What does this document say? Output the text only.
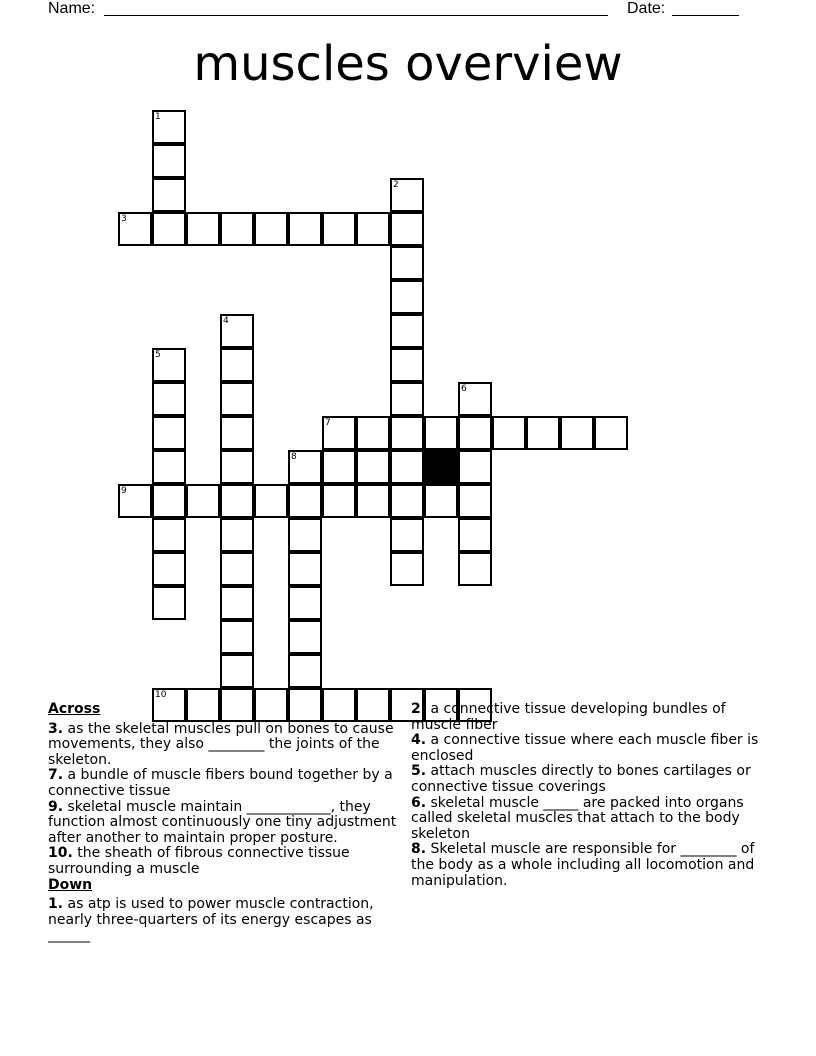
Name:	Date:
muscles overview
1
3
2
4
5
6
7
8
9
10
Across
3. as the skeletal muscles pull on bones to cause movements, they also ________ the joints of the skeleton.
7. a bundle of muscle fibers bound together by a connective tissue
9. skeletal muscle maintain ____________, they function almost continuously one tiny adjustment after another to maintain proper posture.
10. the sheath of fibrous connective tissue surrounding a muscle
Down
1. as atp is used to power muscle contraction, nearly three-quarters of its energy escapes as ______
2. a connective tissue developing bundles of muscle fiber
4. a connective tissue where each muscle fiber is enclosed
5. attach muscles directly to bones cartilages or connective tissue coverings
6. skeletal muscle _____ are packed into organs called skeletal muscles that attach to the body skeleton
8. Skeletal muscle are responsible for ________ of the body as a whole including all locomotion and manipulation.
